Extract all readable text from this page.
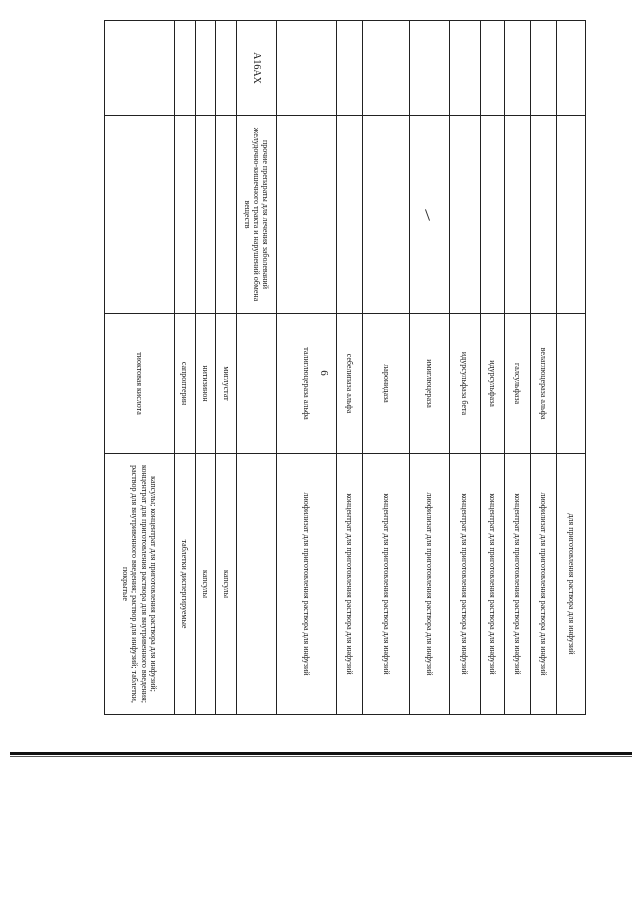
6
			для приготовления раствора для инфузий
		велаглюцераза альфа	лиофилизат для приготовления раствора для инфузий
		галсульфаза	концентрат для приготовления раствора для инфузий
		идурсульфаза	концентрат для приготовления раствора для инфузий
		идурсульфаза бета	концентрат для приготовления раствора для инфузий
		имиглюцераза	лиофилизат для приготовления раствора для инфузий
		ларонидаза	концентрат для приготовления раствора для инфузий
		себелипаза альфа	концентрат для приготовления раствора для инфузий
		талиглюцераза альфа	лиофилизат для приготовления раствора для инфузий
A16AX	прочие препараты для лечения заболеваний желудочно-кишечного тракта и нарушений обмена веществ		
		миглустат	капсулы
		нитизинон	капсулы
		сапроптерин	таблетки диспергируемые
		тиоктовая кислота	капсулы; концентрат для приготовления раствора для инфузий; концентрат для приготовления раствора для внутривенного введения; раствор для внутривенного введения; раствор для инфузий; таблетки, покрытые
